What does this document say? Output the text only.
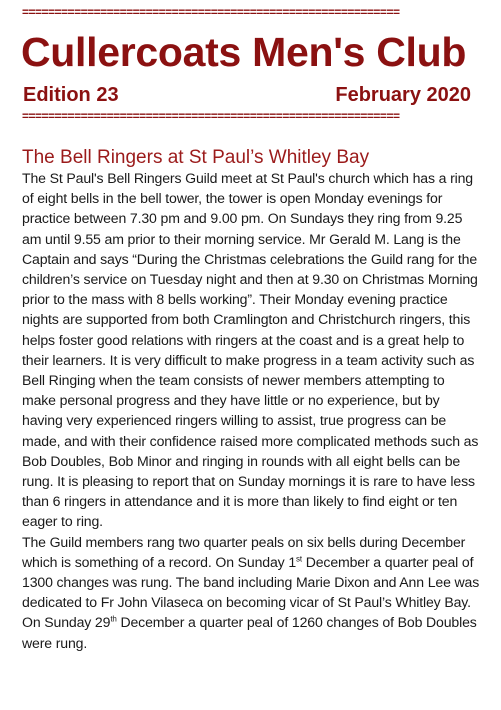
==========================================================
Cullercoats Men's Club
Edition 23	February 2020
==========================================================
The Bell Ringers at St Paul’s Whitley Bay

The St Paul's Bell Ringers Guild meet at St Paul's church which has a ring of eight bells in the bell tower, the tower is open Monday evenings for practice between 7.30 pm and 9.00 pm. On Sundays they ring from 9.25 am until 9.55 am prior to their morning service. Mr Gerald M. Lang is the Captain and says “During the Christmas celebrations the Guild rang for the children’s service on Tuesday night and then at 9.30 on Christmas Morning prior to the mass with 8 bells working”. Their Monday evening practice nights are supported from both Cramlington and Christchurch ringers, this helps foster good relations with ringers at the coast and is a great help to their learners. It is very difficult to make progress in a team activity such as Bell Ringing when the team consists of newer members attempting to make personal progress and they have little or no experience, but by having very experienced ringers willing to assist, true progress can be made, and with their confidence raised more complicated methods such as Bob Doubles, Bob Minor and ringing in rounds with all eight bells can be rung. It is pleasing to report that on Sunday mornings it is rare to have less than 6 ringers in attendance and it is more than likely to find eight or ten eager to ring.

The Guild members rang two quarter peals on six bells during December which is something of a record. On Sunday 1st December a quarter peal of 1300 changes was rung. The band including Marie Dixon and Ann Lee was dedicated to Fr John Vilaseca on becoming vicar of St Paul’s Whitley Bay. On Sunday 29th December a quarter peal of 1260 changes of Bob Doubles were rung.
